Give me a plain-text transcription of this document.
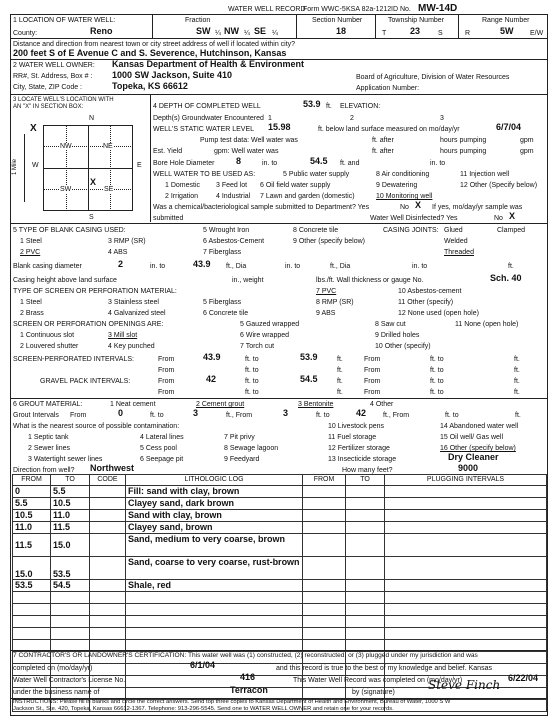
WATER WELL RECORD
Form WWC-5 KSA 82a-1212 ID No. MW-14D
1 LOCATION OF WATER WELL:
County:	Reno
Fraction
SW ¼ NW ¼ SE ¼
Section Number
18
Township Number
T	23	S
Range Number
R	5W E/W
Distance and direction from nearest town or city street address of well if located within city?
200 feet S of E Avenue C and S. Severence, Hutchinson, Kansas
2 WATER WELL OWNER: Kansas Department of Health & Environment
RR#, St. Address, Box # : 1000 SW Jackson, Suite 410	Board of Agriculture, Division of Water Resources
City, State, ZIP Code :	Topeka, KS 66612	Application Number:
3 LOCATE WELL'S LOCATION WITH
AN "X" IN SECTION BOX:
N
S
W	E
X
1 Mile
NW	NE
SW	SE
X
4 DEPTH OF COMPLETED WELL	53.9 ft. ELEVATION:
Depth(s) Groundwater Encountered 1	2	3
WELL'S STATIC WATER LEVEL 15.98	ft. below land surface measured on mo/day/yr	6/7/04
Pump test data: Well water was	ft. after	hours pumping	gpm
Est. Yield	gpm: Well water was	ft. after	hours pumping	gpm
Bore Hole Diameter 8	in. to	54.5 ft. and	in. to
WELL WATER TO BE USED AS:	5 Public water supply	8 Air conditioning	11 Injection well
1 Domestic 3 Feed lot 6 Oil field water supply	9 Dewatering	12 Other (Specify below)
2 Irrigation	4 Industrial 7 Lawn and garden (domestic)	10 Monitoring well
Was a chemical/bacteriological sample submitted to Department? Yes	No X If yes, mo/day/yr sample was
submitted	Water Well Disinfected? Yes	No X
5 TYPE OF BLANK CASING USED:	5 Wrought Iron	8 Concrete tile	CASING JOINTS: Glued	Clamped
1 Steel	3 RMP (SR)	6 Asbestos-Cement	9 Other (specify below)	Welded
2 PVC	4 ABS	7 Fiberglass	Threaded
Blank casing diameter	2	in. to	43.9 ft., Dia	in. to	ft., Dia	in. to	ft.
Casing height above land surface	in., weight	lbs./ft. Wall thickness or gauge No.	Sch. 40
TYPE OF SCREEN OR PERFORATION MATERIAL:	7 PVC	10 Asbestos-cement
1 Steel	3 Stainless steel	5 Fiberglass	8 RMP (SR)	11 Other (specify)
2 Brass	4 Galvanized steel	6 Concrete tile	9 ABS	12 None used (open hole)
SCREEN OR PERFORATION OPENINGS ARE:
1 Continuous slot	3 Mill slot
5 Gauzed wrapped	8 Saw cut	11 None (open hole)
2 Louvered shutter	4 Key punched
6 Wire wrapped	9 Drilled holes
7 Torch cut	10 Other (specify)
SCREEN-PERFORATED INTERVALS:	From	43.9	ft. to	53.9	ft.	From	ft. to	ft.
From	ft. to	ft.	From	ft. to	ft.
GRAVEL PACK INTERVALS:	From	42	ft. to	54.5	ft.	From	ft. to	ft.
From	ft. to	ft.	From	ft. to	ft.
6 GROUT MATERIAL:	1 Neat cement	2 Cement grout	3 Bentonite	4 Other
Grout Intervals From	0	ft. to	3	ft., From	3	ft. to	42 ft., From	ft. to	ft.
What is the nearest source of possible contamination:
1 Septic tank	4 Lateral lines	7 Pit privy
10 Livestock pens	14 Abandoned water well
2 Sewer lines	5 Cess pool	8 Sewage lagoon
11 Fuel storage	15 Oil well/ Gas well
3 Watertight sewer lines	6 Seepage pit	9 Feedyard
12 Fertilizer storage	16 Other (specify below)
13 Insecticide storage	Dry Cleaner
Direction from well? Northwest	How many feet?	9000
FROM	TO	CODE	LITHOLOGIC LOG	FROM	TO	PLUGGING INTERVALS
0	5.5		Fill: sand with clay, brown			
5.5	10.5		Clayey sand, dark brown			
10.5	11.0		Sand with clay, brown			
11.0	11.5		Clayey sand, brown			
11.5	15.0		Sand, medium to very coarse, brown			
15.0	53.5		Sand, coarse to very coarse, rust-brown			
53.5	54.5		Shale, red			

7 CONTRACTOR'S OR LANDOWNER'S CERTIFICATION: This water well was (1) constructed, (2) reconstructed, or (3) plugged under my jurisdiction and was
completed on (mo/day/yr)	6/1/04	and this record is true to the best of my knowledge and belief. Kansas
Water Well Contractor's License No.	416	This Water Well Record was completed on (mo/day/yr)	6/22/04
under the business name of	Terracon	by (signature)
Steve Finch
INSTRUCTIONS: Please fill in blanks and circle the correct answers. Send top three copies to Kansas Department of Health and Environment, Bureau of Water, 1000 S W
Jackson St., Ste. 420, Topeka, Kansas 66612-1367. Telephone: 913-296-5545. Send one to WATER WELL OWNER and retain one for your records.
